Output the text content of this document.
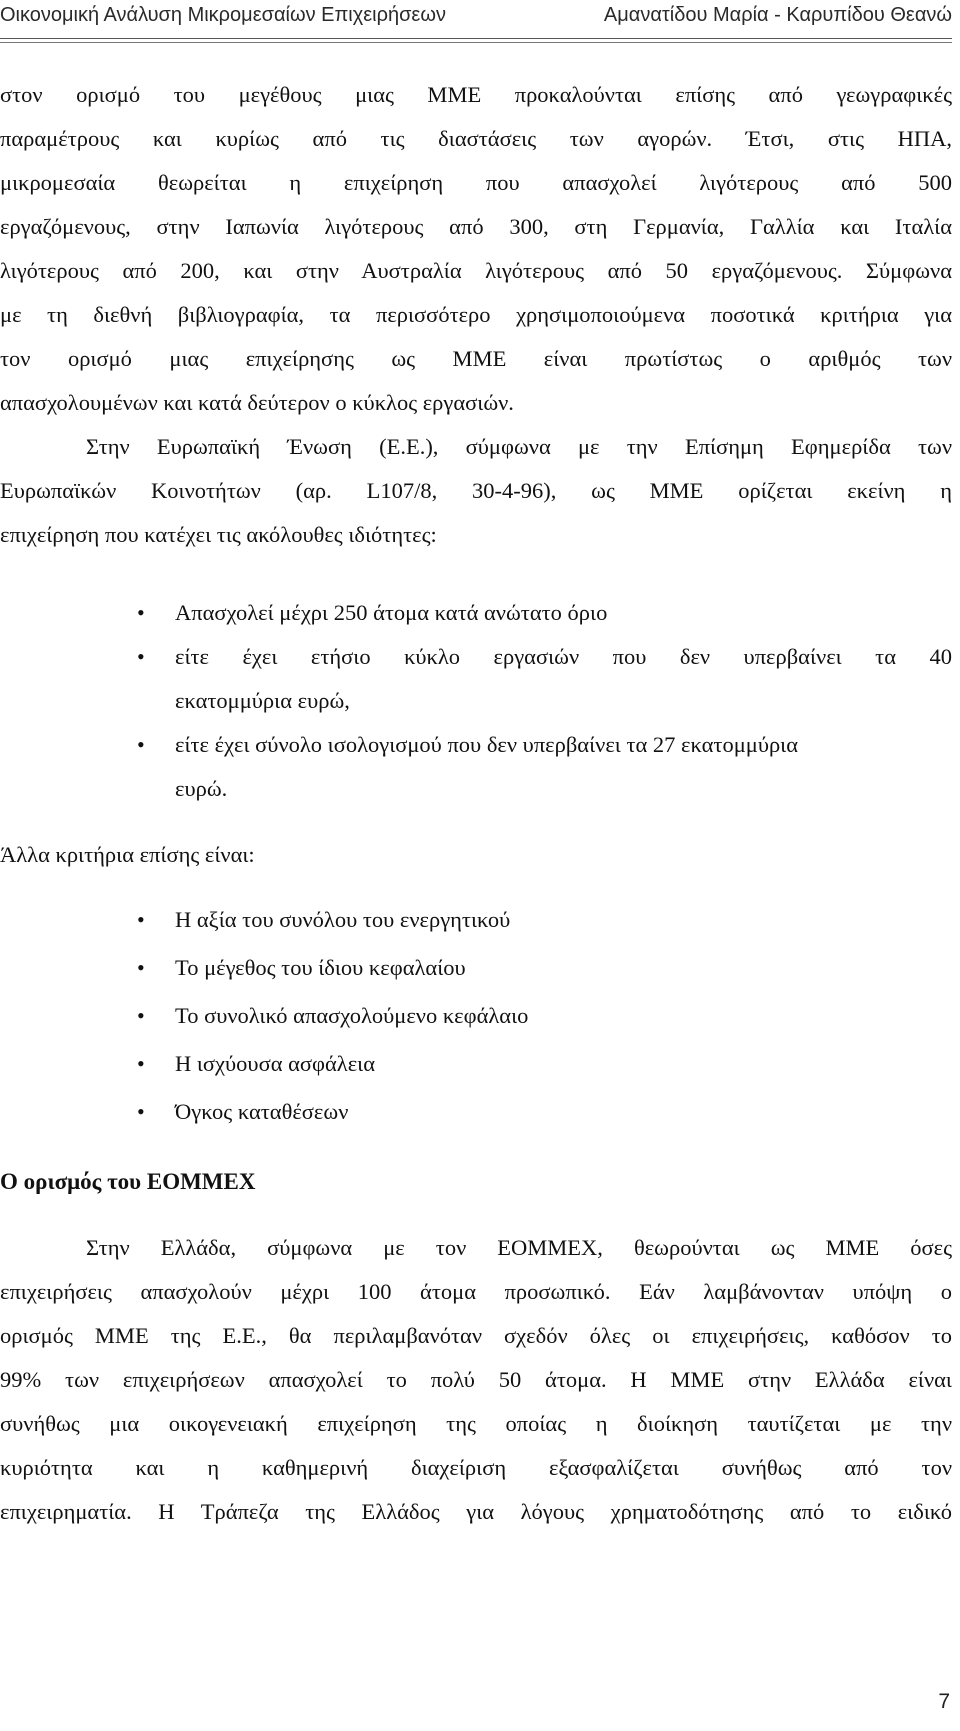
Οικονομική Ανάλυση Μικρομεσαίων Επιχειρήσεων	Αμανατίδου Μαρία - Καρυπίδου Θεανώ
στον ορισμό του μεγέθους μιας ΜΜΕ προκαλούνται επίσης από γεωγραφικές
παραμέτρους και κυρίως από τις διαστάσεις των αγορών. Έτσι, στις ΗΠΑ,
μικρομεσαία θεωρείται η επιχείρηση που απασχολεί λιγότερους από 500
εργαζόμενους, στην Ιαπωνία λιγότερους από 300, στη Γερμανία, Γαλλία και Ιταλία
λιγότερους από 200, και στην Αυστραλία λιγότερους από 50 εργαζόμενους. Σύμφωνα
με τη διεθνή βιβλιογραφία, τα περισσότερο χρησιμοποιούμενα ποσοτικά κριτήρια για
τον ορισμό μιας επιχείρησης ως ΜΜΕ είναι πρωτίστως ο αριθμός των
απασχολουμένων και κατά δεύτερον ο κύκλος εργασιών.
Στην Ευρωπαϊκή Ένωση (Ε.Ε.), σύμφωνα με την Επίσημη Εφημερίδα των
Ευρωπαϊκών Κοινοτήτων (αρ. L107/8, 30-4-96), ως ΜΜΕ ορίζεται εκείνη η
επιχείρηση που κατέχει τις ακόλουθες ιδιότητες:
• Απασχολεί μέχρι 250 άτομα κατά ανώτατο όριο
• είτε έχει ετήσιο κύκλο εργασιών που δεν υπερβαίνει τα 40
εκατομμύρια ευρώ,
• είτε έχει σύνολο ισολογισμού που δεν υπερβαίνει τα 27 εκατομμύρια
ευρώ.
Άλλα κριτήρια επίσης είναι:
• Η αξία του συνόλου του ενεργητικού
• Το μέγεθος του ίδιου κεφαλαίου
• Το συνολικό απασχολούμενο κεφάλαιο
• Η ισχύουσα ασφάλεια
• Όγκος καταθέσεων
Ο ορισμός του ΕΟΜΜΕΧ
Στην Ελλάδα, σύμφωνα με τον ΕΟΜΜΕΧ, θεωρούνται ως ΜΜΕ όσες
επιχειρήσεις απασχολούν μέχρι 100 άτομα προσωπικό. Εάν λαμβάνονταν υπόψη ο
ορισμός ΜΜΕ της Ε.Ε., θα περιλαμβανόταν σχεδόν όλες οι επιχειρήσεις, καθόσον το
99% των επιχειρήσεων απασχολεί το πολύ 50 άτομα. Η ΜΜΕ στην Ελλάδα είναι
συνήθως μια οικογενειακή επιχείρηση της οποίας η διοίκηση ταυτίζεται με την
κυριότητα και η καθημερινή διαχείριση εξασφαλίζεται συνήθως από τον
επιχειρηματία. Η Τράπεζα της Ελλάδος για λόγους χρηματοδότησης από το ειδικό
7
